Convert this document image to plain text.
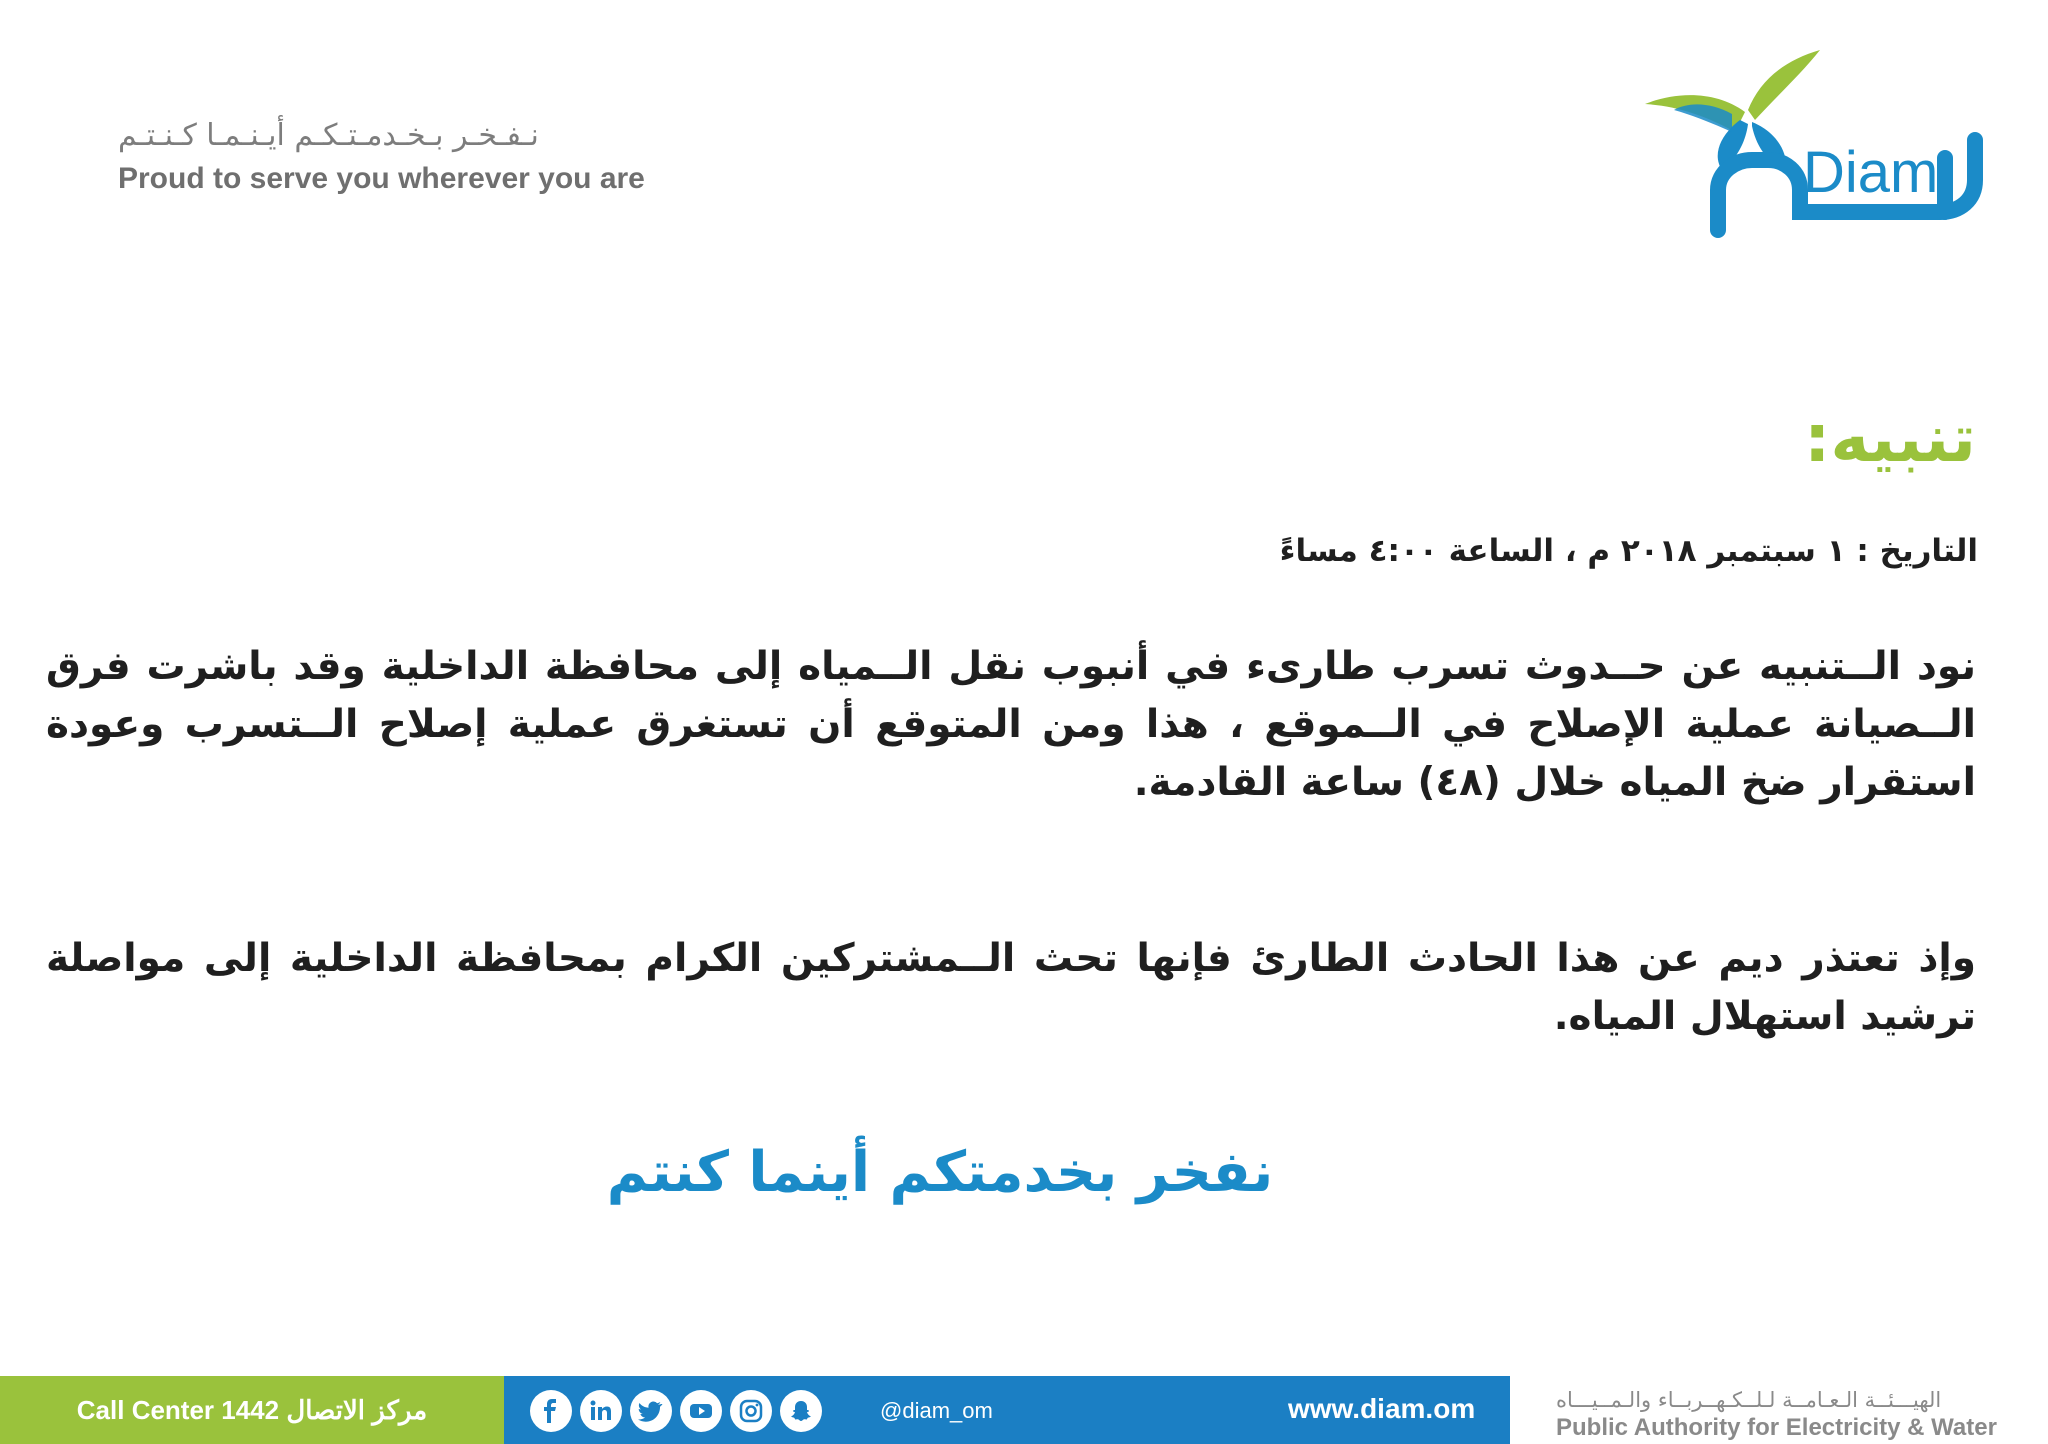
نـفـخـر بـخـدمـتـكـم أيـنـمـا كـنـتـم
Proud to serve you wherever you are	Diam
تنبيه:
التاريخ : ١ سبتمبر ٢٠١٨ م ، الساعة ٤:٠٠ مساءً
نود الــتنبيه عن حــدوث تسرب طارىء في أنبوب نقل الــمياه إلى محافظة الداخلية وقد باشرت فرق الــصيانة عملية الإصلاح في الــموقع ، هذا ومن المتوقع أن تستغرق عملية إصلاح الــتسرب وعودة استقرار ضخ المياه خلال (٤٨) ساعة القادمة.
وإذ تعتذر ديم عن هذا الحادث الطارئ فإنها تحث الــمشتركين الكرام بمحافظة الداخلية إلى مواصلة ترشيد استهلال المياه.
نفخر بخدمتكم أينما كنتم
Call Center 1442 مركز الاتصال	@diam_om	www.diam.om	الهيـــئــة الـعـامــة لـلــكـهــربــاء والـمــيـــاه
Public Authority for Electricity & Water
